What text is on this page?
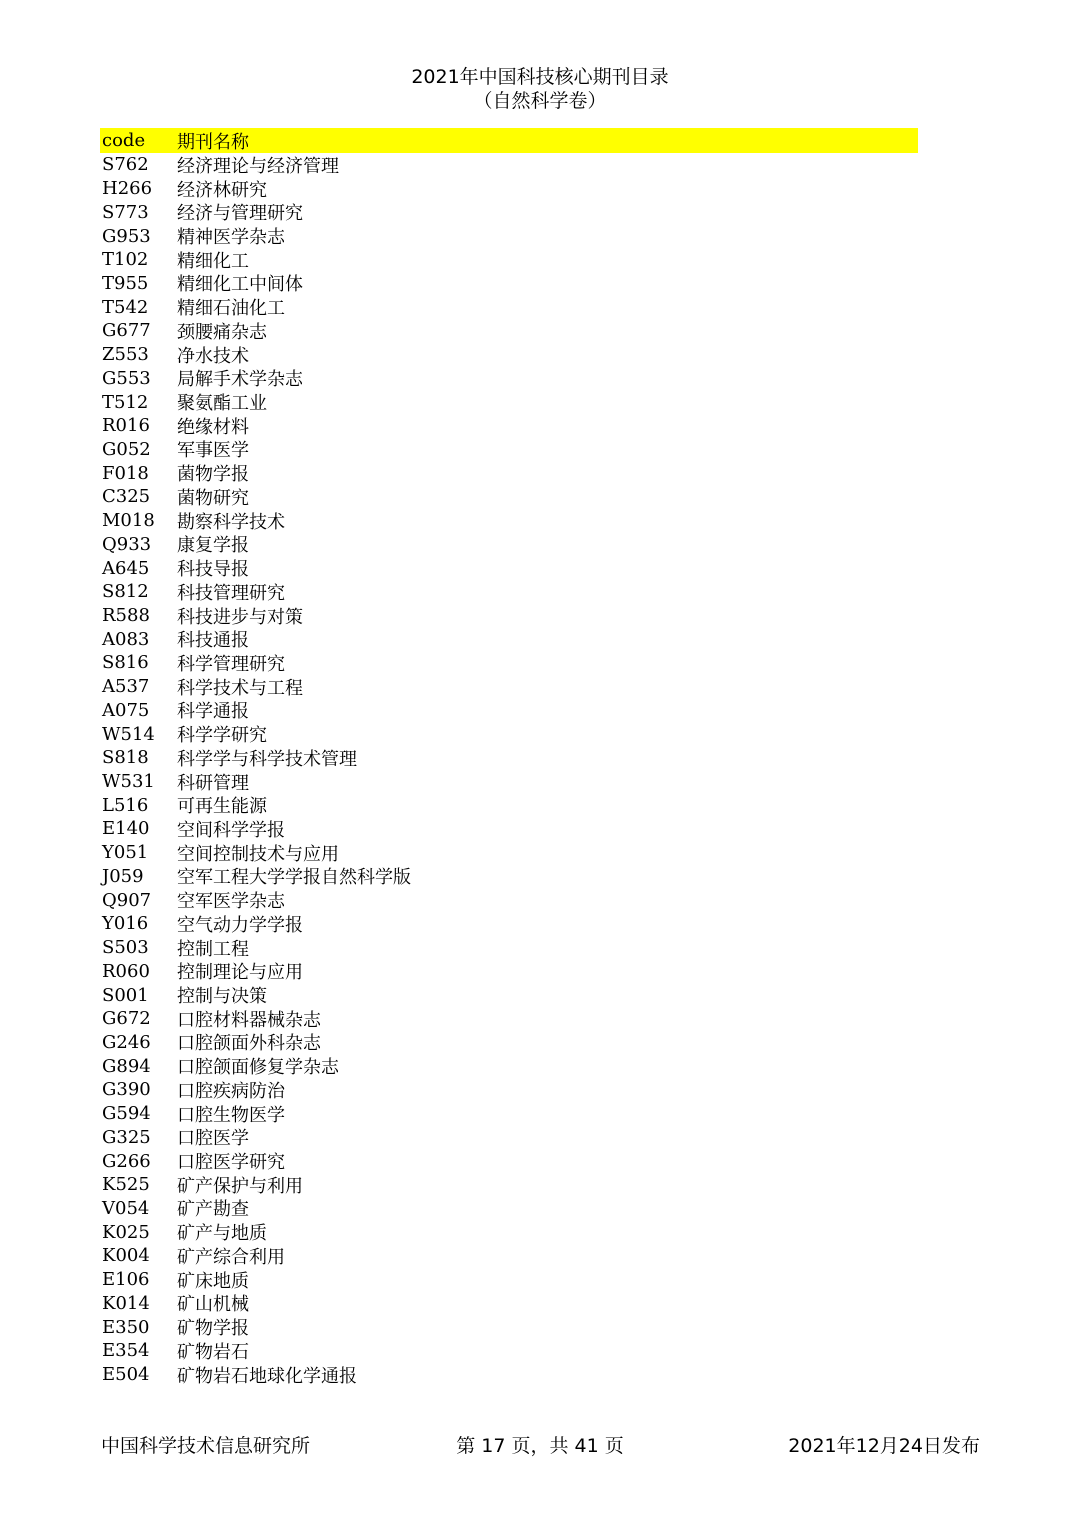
2021年中国科技核心期刊目录
（自然科学卷）
code	期刊名称
S762	经济理论与经济管理
H266	经济林研究
S773	经济与管理研究
G953	精神医学杂志
T102	精细化工
T955	精细化工中间体
T542	精细石油化工
G677	颈腰痛杂志
Z553	净水技术
G553	局解手术学杂志
T512	聚氨酯工业
R016	绝缘材料
G052	军事医学
F018	菌物学报
C325	菌物研究
M018	勘察科学技术
Q933	康复学报
A645	科技导报
S812	科技管理研究
R588	科技进步与对策
A083	科技通报
S816	科学管理研究
A537	科学技术与工程
A075	科学通报
W514	科学学研究
S818	科学学与科学技术管理
W531	科研管理
L516	可再生能源
E140	空间科学学报
Y051	空间控制技术与应用
J059	空军工程大学学报自然科学版
Q907	空军医学杂志
Y016	空气动力学学报
S503	控制工程
R060	控制理论与应用
S001	控制与决策
G672	口腔材料器械杂志
G246	口腔颌面外科杂志
G894	口腔颌面修复学杂志
G390	口腔疾病防治
G594	口腔生物医学
G325	口腔医学
G266	口腔医学研究
K525	矿产保护与利用
V054	矿产勘查
K025	矿产与地质
K004	矿产综合利用
E106	矿床地质
K014	矿山机械
E350	矿物学报
E354	矿物岩石
E504	矿物岩石地球化学通报
中国科学技术信息研究所	第 17 页，共 41 页	2021年12月24日发布
